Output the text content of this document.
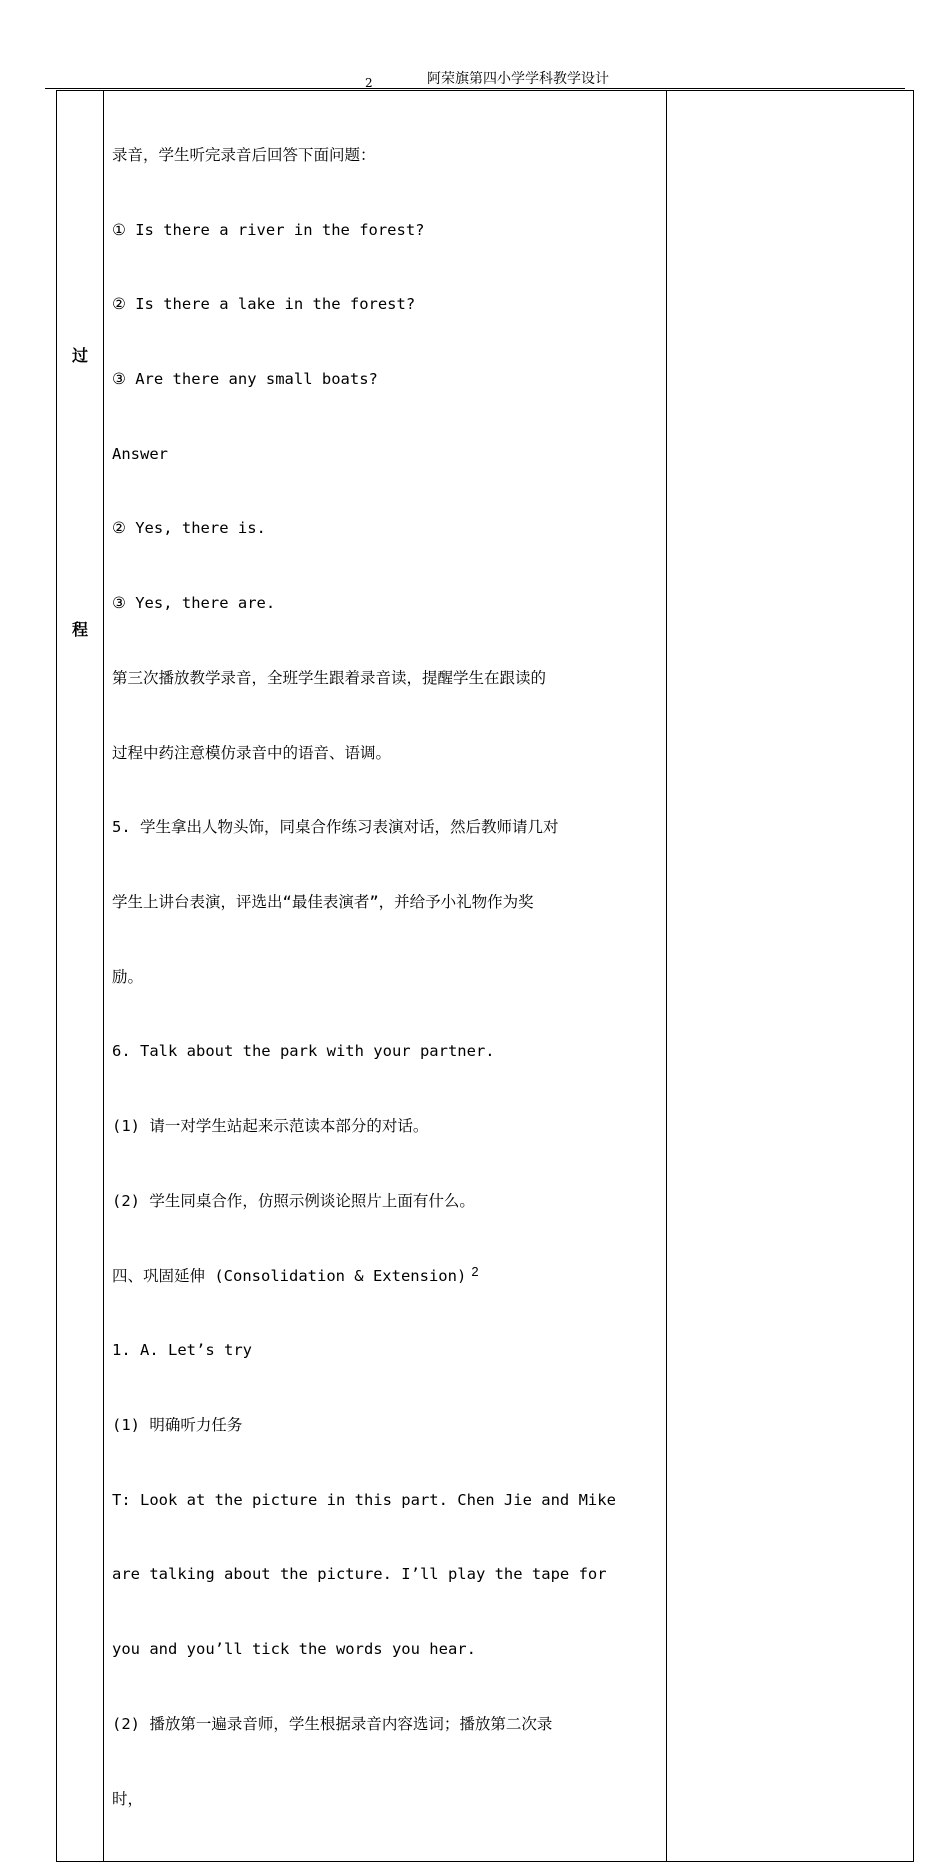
2	阿荣旗第四小学学科教学设计
过
程

录音，学生听完录音后回答下面问题：

① Is there a river in the forest?

② Is there a lake in the forest?

③ Are there any small boats?

Answer

② Yes, there is.

③ Yes, there are.

第三次播放教学录音，全班学生跟着录音读，提醒学生在跟读的

过程中药注意模仿录音中的语音、语调。

5. 学生拿出人物头饰，同桌合作练习表演对话，然后教师请几对

学生上讲台表演，评选出“最佳表演者”，并给予小礼物作为奖

励。

6. Talk about the park with your partner.

(1) 请一对学生站起来示范读本部分的对话。

(2) 学生同桌合作，仿照示例谈论照片上面有什么。

四、巩固延伸 (Consolidation & Extension)

1. A. Let’s try

(1) 明确听力任务

T: Look at the picture in this part. Chen Jie and Mike

are talking about the picture. I’ll play the tape for

you and you’ll tick the words you hear.

(2) 播放第一遍录音师，学生根据录音内容选词；播放第二次录

时，

2
